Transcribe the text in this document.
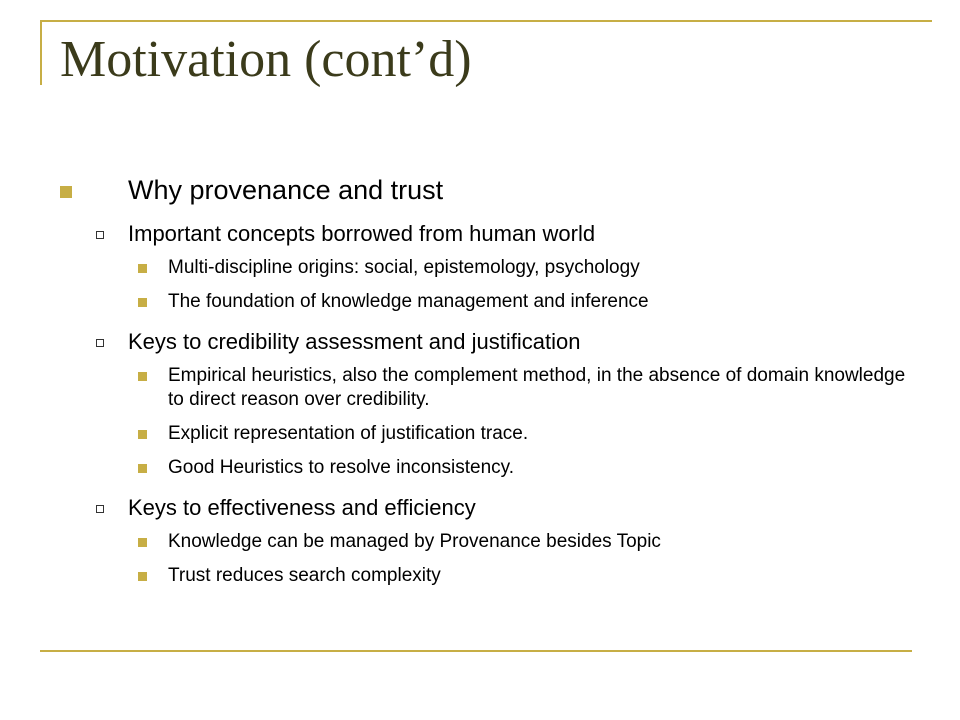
Motivation (cont’d)
Why provenance and trust
Important concepts borrowed from human world
Multi-discipline origins: social, epistemology, psychology
The foundation of knowledge management and inference
Keys to credibility assessment and justification
Empirical heuristics, also the complement method, in the absence of domain knowledge to direct reason over credibility.
Explicit representation of justification trace.
Good Heuristics to resolve inconsistency.
Keys to effectiveness and efficiency
Knowledge can be managed by Provenance besides Topic
Trust reduces search complexity
